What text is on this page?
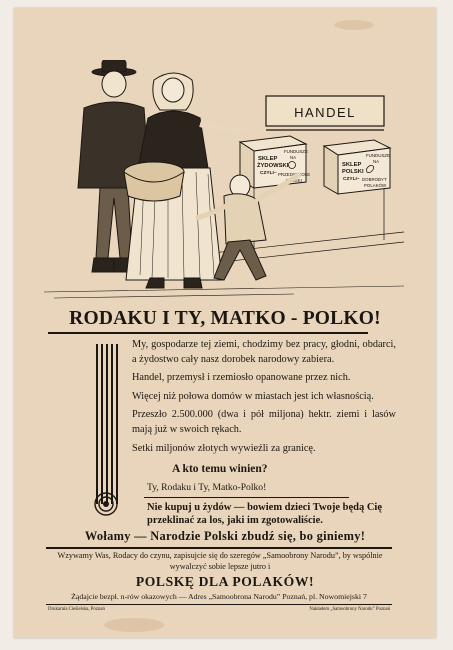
HANDEL
SKLEP ŻYDOWSKI CZYLI–
FUNDUSZE NA PRZEDSZKOLE POLSKI
SKLEP POLSKI CZYLI–
FUNDUSZE NA DOBROBYT POLAKÓW
RODAKU I TY, MATKO - POLKO!

My, gospodarze tej ziemi, chodzimy bez pracy, głodni, obdarci, a żydostwo cały nasz dorobek narodowy zabiera.

Handel, przemysł i rzemiosło opanowane przez nich.

Więcej niż połowa domów w miastach jest ich własnością.

Przeszło 2.500.000 (dwa i pół miljona) hektr. ziemi i lasów mają już w swoich rękach.

Setki miljonów złotych wywieźli za granicę.

A kto temu winien?
Ty, Rodaku i Ty, Matko-Polko!
Nie kupuj u żydów — bowiem dzieci Twoje będą Cię przeklinać za los, jaki im zgotowaliście.
Wołamy — Narodzie Polski zbudź się, bo giniemy!
Wzywamy Was, Rodacy do czynu, zapisujcie się do szeregów „Samoobrony Narodu”, by wspólnie wywalczyć sobie lepsze jutro i
POLSKĘ DLA POLAKÓW!
Żądajcie bezpł. n-rów okazowych — Adres „Samoobrona Narodu” Poznań, pl. Nowomiejski 7
Drukarnia Cieśielska, Poznań	Nakładem „Samoobrony Narodu” Poznań
